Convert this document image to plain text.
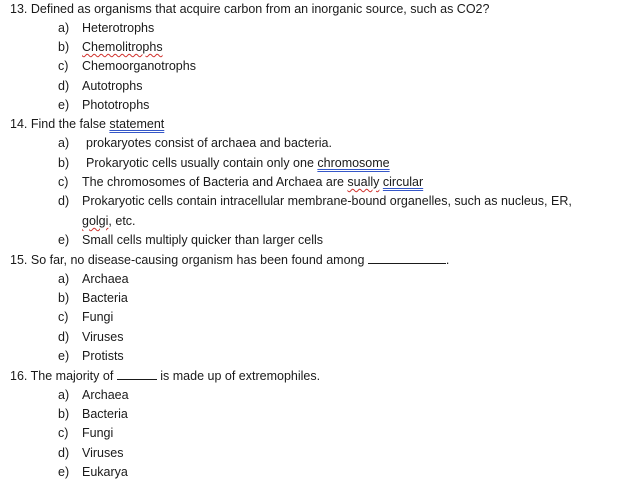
13. Defined as organisms that acquire carbon from an inorganic source, such as CO2?
a) Heterotrophs
b) Chemolitrophs
c) Chemoorganotrophs
d) Autotrophs
e) Phototrophs
14. Find the false statement
a) prokaryotes consist of archaea and bacteria.
b) Prokaryotic cells usually contain only one chromosome
c) The chromosomes of Bacteria and Archaea are sually circular
d) Prokaryotic cells contain intracellular membrane-bound organelles, such as nucleus, ER,
golgi, etc.
e) Small cells multiply quicker than larger cells
15. So far, no disease-causing organism has been found among	.
a) Archaea
b) Bacteria
c) Fungi
d) Viruses
e) Protists
16. The majority of	is made up of extremophiles.
a) Archaea
b) Bacteria
c) Fungi
d) Viruses
e) Eukarya
